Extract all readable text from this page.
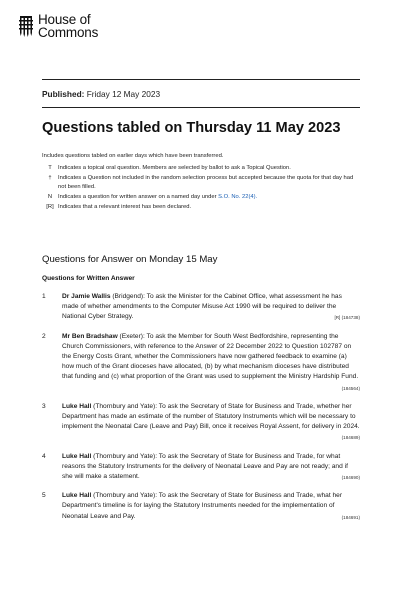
House of
Commons
Published: Friday 12 May 2023
Questions tabled on Thursday 11 May 2023
Includes questions tabled on earlier days which have been transferred.
T	Indicates a topical oral question. Members are selected by ballot to ask a Topical Question.
†	Indicates a Question not included in the random selection process but accepted because the quota for that day had not been filled.
N	Indicates a question for written answer on a named day under S.O. No. 22(4).
[R] Indicates that a relevant interest has been declared.
Questions for Answer on Monday 15 May
Questions for Written Answer
1	Dr Jamie Wallis (Bridgend): To ask the Minister for the Cabinet Office, what assessment he has made of whether amendments to the Computer Misuse Act 1990 will be required to deliver the National Cyber Strategy.	[R] (184738)
2	Mr Ben Bradshaw (Exeter): To ask the Member for South West Bedfordshire, representing the Church Commissioners, with reference to the Answer of 22 December 2022 to Question 102787 on the Energy Costs Grant, whether the Commissioners have now gathered feedback to examine (a) how much of the Grant dioceses have allocated, (b) by what mechanism dioceses have distributed that funding and (c) what proportion of the Grant was used to supplement the Ministry Hardship Fund.
(184564)
3	Luke Hall (Thornbury and Yate): To ask the Secretary of State for Business and Trade, whether her Department has made an estimate of the number of Statutory Instruments which will be necessary to implement the Neonatal Care (Leave and Pay) Bill, once it receives Royal Assent, for delivery in 2024.
(184689)
4	Luke Hall (Thornbury and Yate): To ask the Secretary of State for Business and Trade, for what reasons the Statutory Instruments for the delivery of Neonatal Leave and Pay are not ready; and if she will make a statement.	(184690)
5	Luke Hall (Thornbury and Yate): To ask the Secretary of State for Business and Trade, what her Department's timeline is for laying the Statutory Instruments needed for the implementation of Neonatal Leave and Pay.	(184691)
